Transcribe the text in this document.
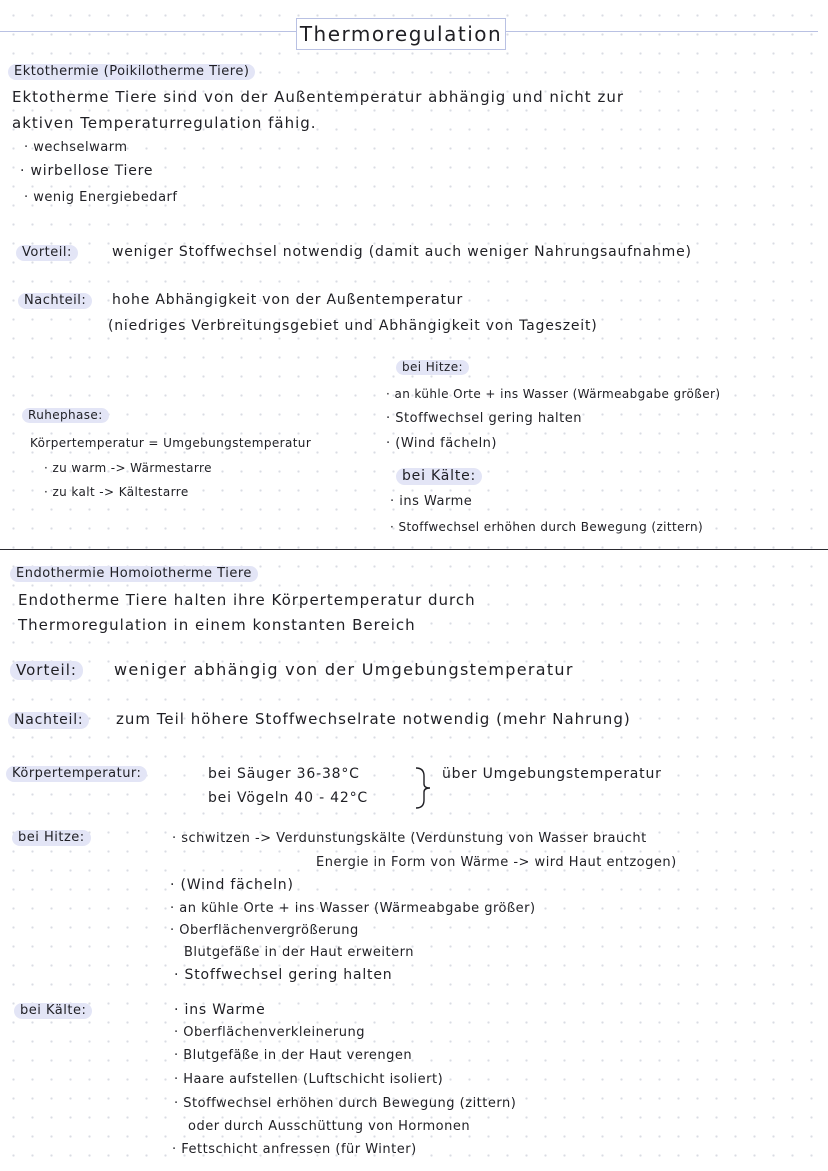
Thermoregulation
Ektothermie (Poikilotherme Tiere)
Ektotherme Tiere sind von der Außentemperatur abhängig und nicht zur
aktiven Temperaturregulation fähig.
· wechselwarm
· wirbellose Tiere
· wenig Energiebedarf
Vorteil:	weniger Stoffwechsel notwendig (damit auch weniger Nahrungsaufnahme)
Nachteil:	hohe Abhängigkeit von der Außentemperatur
(niedriges Verbreitungsgebiet und Abhängigkeit von Tageszeit)
Ruhephase:
Körpertemperatur = Umgebungstemperatur
· zu warm -> Wärmestarre
· zu kalt -> Kältestarre
bei Hitze:
· an kühle Orte + ins Wasser (Wärmeabgabe größer)
· Stoffwechsel gering halten
· (Wind fächeln)
bei Kälte:
· ins Warme
· Stoffwechsel erhöhen durch Bewegung (zittern)
Endothermie Homoiotherme Tiere
Endotherme Tiere halten ihre Körpertemperatur durch
Thermoregulation in einem konstanten Bereich
Vorteil:	weniger abhängig von der Umgebungstemperatur
Nachteil:	zum Teil höhere Stoffwechselrate notwendig (mehr Nahrung)
Körpertemperatur:	bei Säuger 36-38°C
bei Vögeln 40 - 42°C
über Umgebungstemperatur
bei Hitze:	· schwitzen -> Verdunstungskälte (Verdunstung von Wasser braucht
Energie in Form von Wärme -> wird Haut entzogen)
· (Wind fächeln)
· an kühle Orte + ins Wasser (Wärmeabgabe größer)
· Oberflächenvergrößerung
Blutgefäße in der Haut erweitern
· Stoffwechsel gering halten
bei Kälte:	· ins Warme
· Oberflächenverkleinerung
· Blutgefäße in der Haut verengen
· Haare aufstellen (Luftschicht isoliert)
· Stoffwechsel erhöhen durch Bewegung (zittern)
oder durch Ausschüttung von Hormonen
· Fettschicht anfressen (für Winter)
